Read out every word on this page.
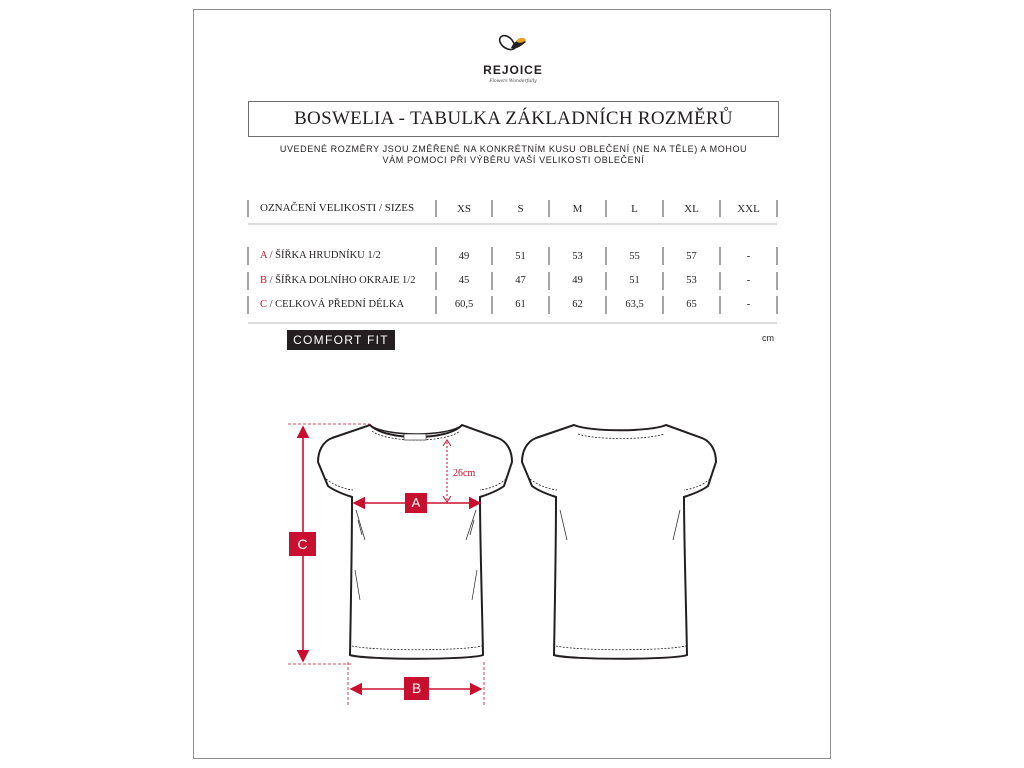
REJOICE
Flowers Wonderfully
BOSWELIA - TABULKA ZÁKLADNÍCH ROZMĚRŮ
UVEDENÉ ROZMĚRY JSOU ZMĚŘENÉ NA KONKRÉTNÍM KUSU OBLEČENÍ (NE NA TĚLE) A MOHOU
VÁM POMOCI PŘI VÝBĚRU VAŠÍ VELIKOSTI OBLEČENÍ
OZNAČENÍ VELIKOSTI / SIZES	XS	S	M	L	XL	XXL
A / ŠÍŘKA HRUDNÍKU 1/2	49	51	53	55	57	-
B / ŠÍŘKA DOLNÍHO OKRAJE 1/2	45	47	49	51	53	-
C / CELKOVÁ PŘEDNÍ DÉLKA	60,5	61	62	63,5	65	-
COMFORT FIT	cm
A
C
B
26cm
